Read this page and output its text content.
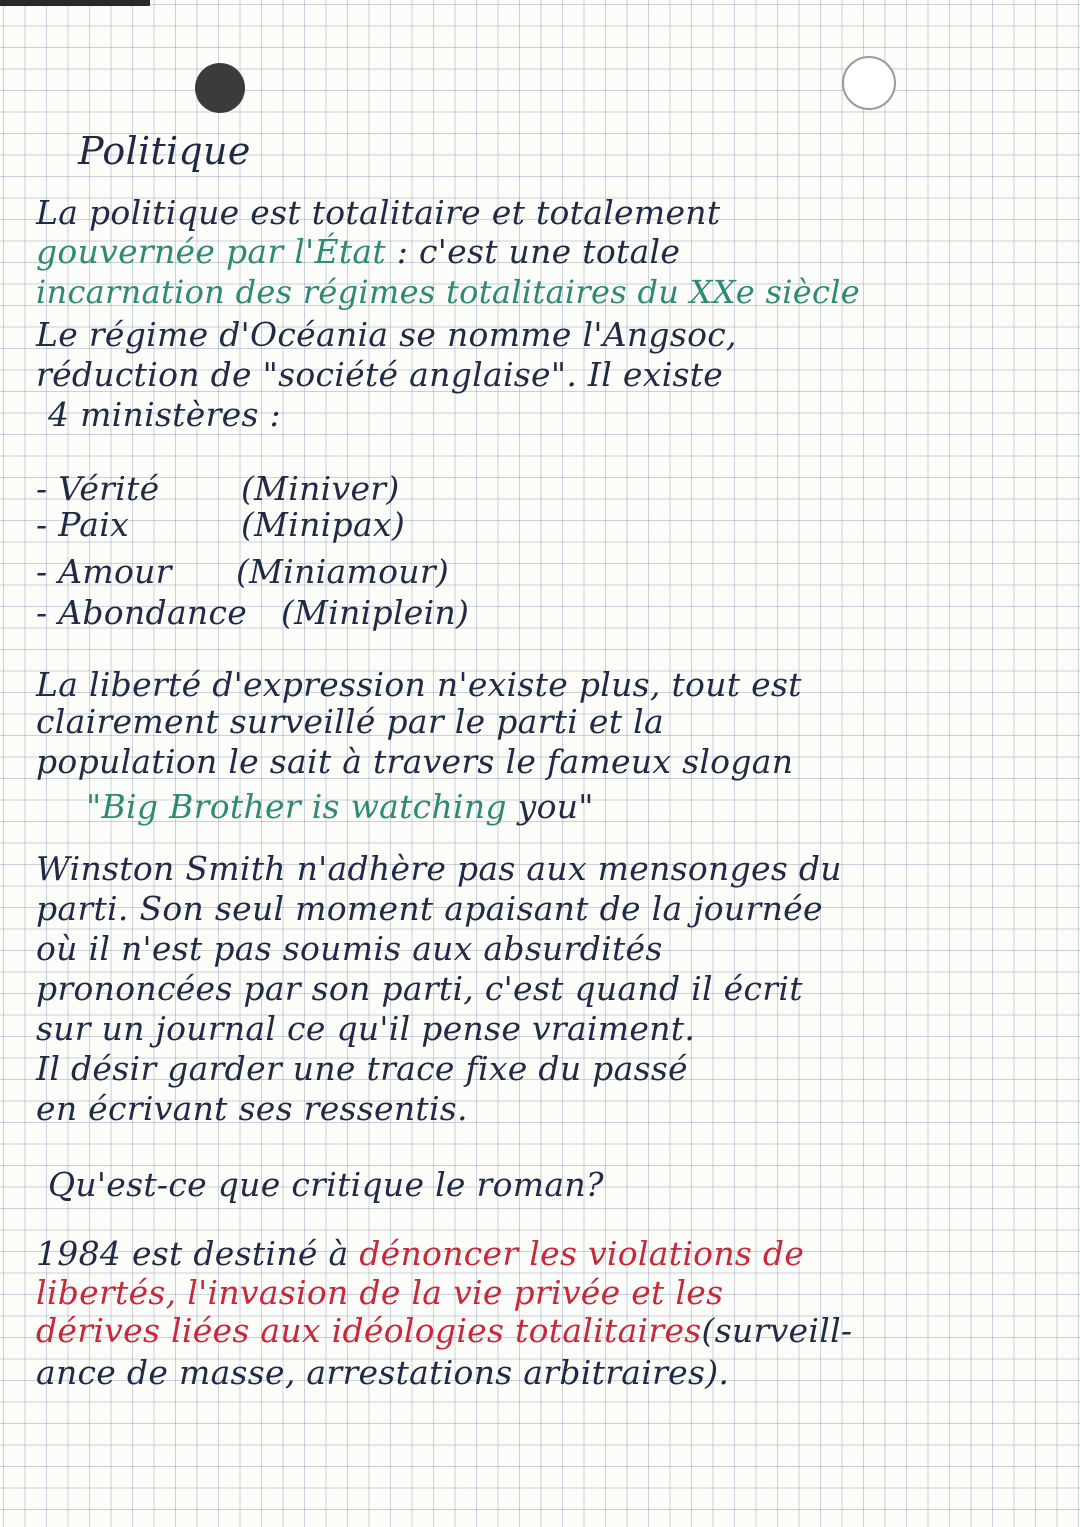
Politique
La politique est totalitaire et totalement
gouvernée par l'État : c'est une totale
incarnation des régimes totalitaires du XXe siècle
Le régime d'Océania se nomme l'Angsoc,
réduction de "société anglaise". Il existe
4 ministères :
- Vérité (Miniver)
- Paix	(Minipax)
- Amour (Miniamour)
- Abondance (Miniplein)
La liberté d'expression n'existe plus, tout est
clairement surveillé par le parti et la
population le sait à travers le fameux slogan
"Big Brother is watching you"
Winston Smith n'adhère pas aux mensonges du
parti. Son seul moment apaisant de la journée
où il n'est pas soumis aux absurdités
prononcées par son parti, c'est quand il écrit
sur un journal ce qu'il pense vraiment.
Il désir garder une trace fixe du passé
en écrivant ses ressentis.
Qu'est-ce que critique le roman?
1984 est destiné à dénoncer les violations de
libertés, l'invasion de la vie privée et les
dérives liées aux idéologies totalitaires(surveill-
ance de masse, arrestations arbitraires).
